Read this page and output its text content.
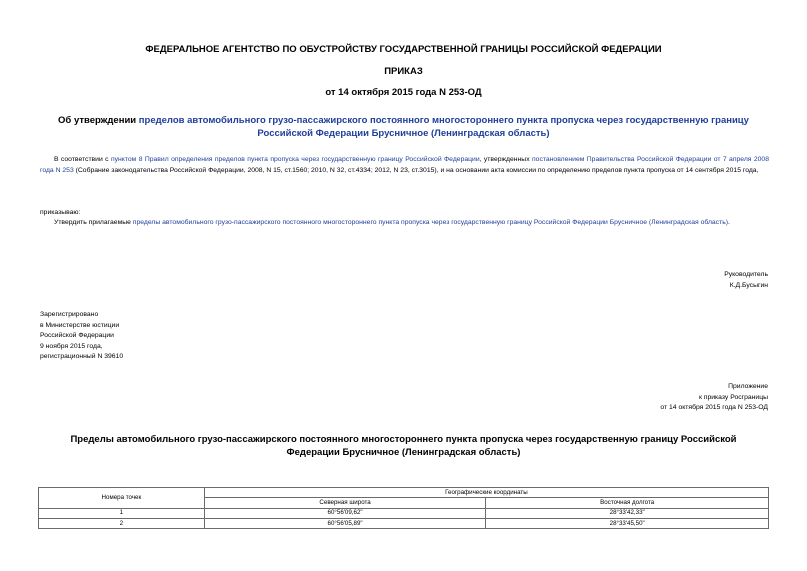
ФЕДЕРАЛЬНОЕ АГЕНТСТВО ПО ОБУСТРОЙСТВУ ГОСУДАРСТВЕННОЙ ГРАНИЦЫ РОССИЙСКОЙ ФЕДЕРАЦИИ
ПРИКАЗ
от 14 октября 2015 года N 253-ОД
Об утверждении пределов автомобильного грузо-пассажирского постоянного многостороннего пункта пропуска через государственную границу Российской Федерации Брусничное (Ленинградская область)
В соответствии с пунктом 8 Правил определения пределов пункта пропуска через государственную границу Российской Федерации, утвержденных постановлением Правительства Российской Федерации от 7 апреля 2008 года N 253 (Собрание законодательства Российской Федерации, 2008, N 15, ст.1560; 2010, N 32, ст.4334; 2012, N 23, ст.3015), и на основании акта комиссии по определению пределов пункта пропуска от 14 сентября 2015 года,
приказываю:
Утвердить прилагаемые пределы автомобильного грузо-пассажирского постоянного многостороннего пункта пропуска через государственную границу Российской Федерации Брусничное (Ленинградская область).
Руководитель
К.Д.Бусыгин
Зарегистрировано
в Министерстве юстиции
Российской Федерации
9 ноября 2015 года,
регистрационный N 39610
Приложение
к приказу Росграницы
от 14 октября 2015 года N 253-ОД
Пределы автомобильного грузо-пассажирского постоянного многостороннего пункта пропуска через государственную границу Российской Федерации Брусничное (Ленинградская область)
Номера точек	Географические координаты	
	Северная широта	Восточная долгота
1	60°56'09,62"	28°33'42,33"
2	60°56'05,89"	28°33'45,50"
